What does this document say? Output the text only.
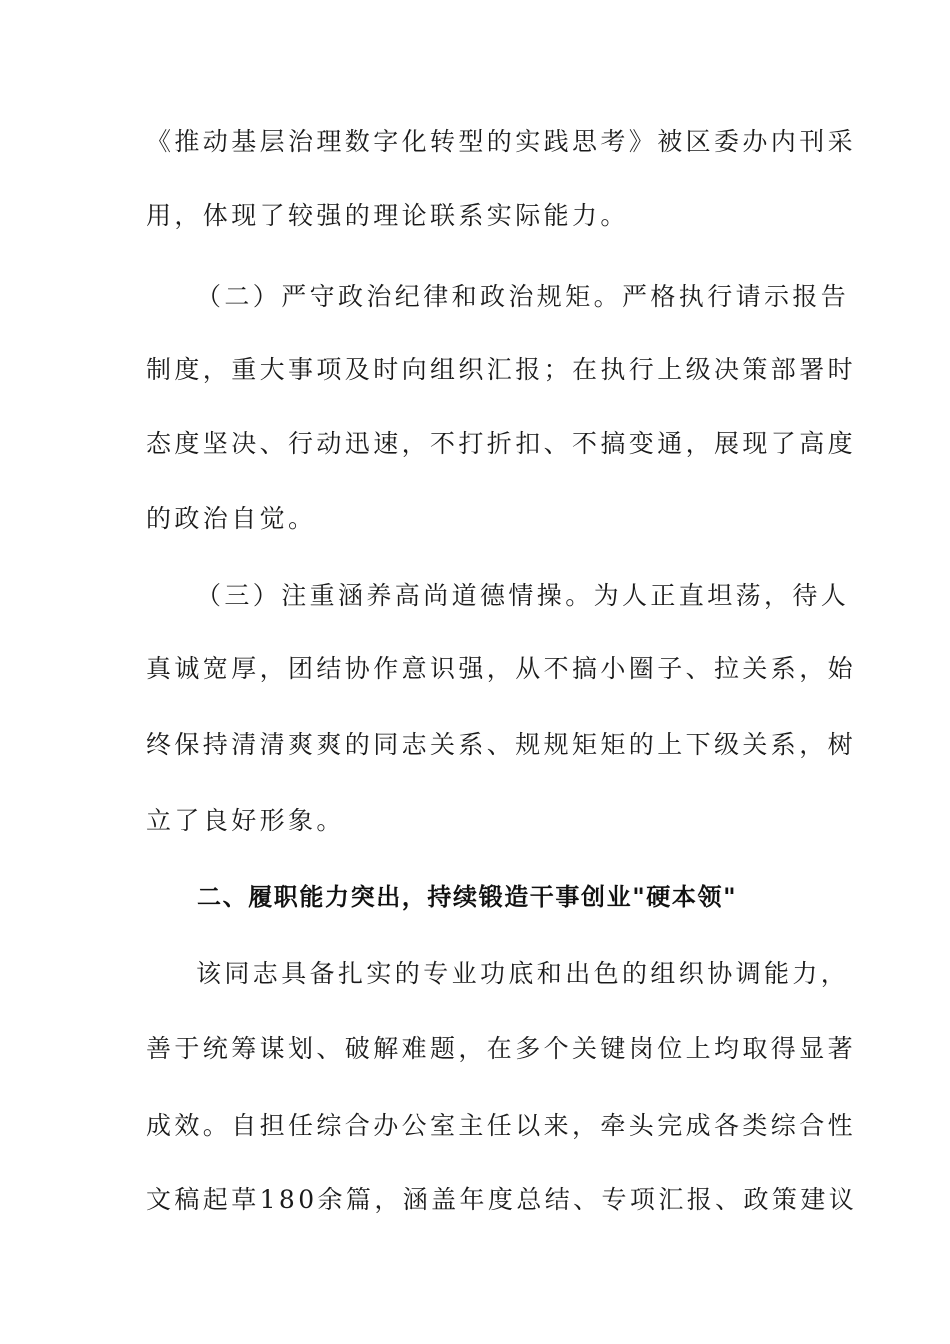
《推动基层治理数字化转型的实践思考》被区委办内刊采
用，体现了较强的理论联系实际能力。
（二）严守政治纪律和政治规矩。严格执行请示报告
制度，重大事项及时向组织汇报；在执行上级决策部署时
态度坚决、行动迅速，不打折扣、不搞变通，展现了高度
的政治自觉。
（三）注重涵养高尚道德情操。为人正直坦荡，待人
真诚宽厚，团结协作意识强，从不搞小圈子、拉关系，始
终保持清清爽爽的同志关系、规规矩矩的上下级关系，树
立了良好形象。
二、履职能力突出，持续锻造干事创业"硬本领"
该同志具备扎实的专业功底和出色的组织协调能力，
善于统筹谋划、破解难题，在多个关键岗位上均取得显著
成效。自担任综合办公室主任以来，牵头完成各类综合性
文稿起草180余篇，涵盖年度总结、专项汇报、政策建议
